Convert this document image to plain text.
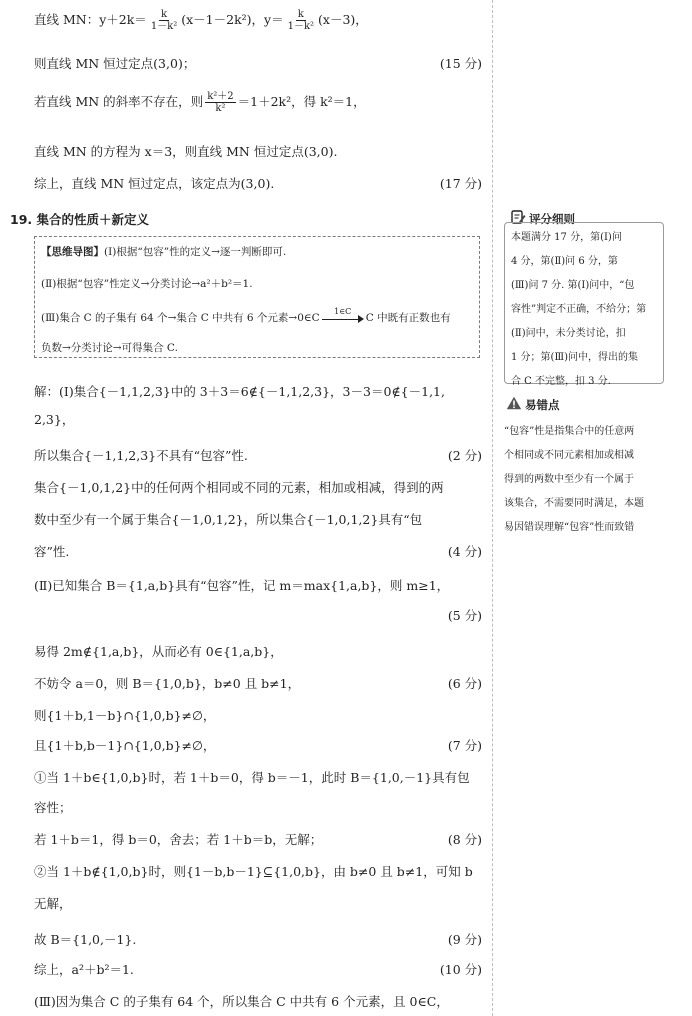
直线 MN：$y+2k= \frac{k}{\text{1－k²}} (x-1-2k^2)$，$y= \frac{k}{\text{1－k²}} (x-3)$，
则直线 MN 恒过定点(3,0)；	(15 分)
若直线 MN 的斜率不存在，则 $\frac{\text{k²＋2}}{\text{k²}} =1+2k^2$，得 k²＝1，
直线 MN 的方程为 x＝3，则直线 MN 恒过定点(3,0).
综上，直线 MN 恒过定点，该定点为(3,0).	(17 分)
19. 集合的性质＋新定义
【思维导图】 (Ⅰ)根据“包容”性的定义→逐一判断即可.
(Ⅱ)根据“包容”性定义→分类讨论→a²＋b²＝1.
(Ⅲ)集合 C 的子集有 64 个→集合 C 中共有 6 个元素→0∈C
1∈C
C 中既有正数也有
负数→分类讨论→可得集合 C.
解：(Ⅰ)集合{－1,1,2,3}中的 3＋3＝6∉{－1,1,2,3}，3－3＝0∉{－1,1,
2,3}，
所以集合{－1,1,2,3}不具有“包容”性.	(2 分)
集合{－1,0,1,2}中的任何两个相同或不同的元素，相加或相减，得到的两
数中至少有一个属于集合{－1,0,1,2}，所以集合{－1,0,1,2}具有“包
容”性.	(4 分)
(Ⅱ)已知集合 B＝{1,a,b}具有“包容”性，记 m＝max{1,a,b}，则 m≥1，
(5 分)
易得 2m∉{1,a,b}，从而必有 0∈{1,a,b}，
不妨令 a＝0，则 B＝{1,0,b}，b≠0 且 b≠1，	(6 分)
则{1＋b,1－b}∩{1,0,b}≠∅，
且{1＋b,b－1}∩{1,0,b}≠∅，	(7 分)
①当 1＋b∈{1,0,b}时，若 1＋b＝0，得 b＝－1，此时 B＝{1,0,－1}具有包
容性；
若 1＋b＝1，得 b＝0，舍去；若 1＋b＝b，无解；	(8 分)
②当 1＋b∉{1,0,b}时，则{1－b,b－1}⊆{1,0,b}，由 b≠0 且 b≠1，可知 b
无解，
故 B＝{1,0,－1}.	(9 分)
综上，a²＋b²＝1.	(10 分)
(Ⅲ)因为集合 C 的子集有 64 个，所以集合 C 中共有 6 个元素，且 0∈C，
评分细则
本题满分 17 分，第(Ⅰ)问
4 分，第(Ⅱ)问 6 分，第
(Ⅲ)问 7 分. 第(Ⅰ)问中，“包
容性”判定不正确，不给分；第
(Ⅱ)问中，未分类讨论，扣
1 分；第(Ⅲ)问中，得出的集
合 C 不完整，扣 3 分.
易错点
“包容”性是指集合中的任意两
个相同或不同元素相加或相减
得到的两数中至少有一个属于
该集合，不需要同时满足，本题
易因错误理解“包容”性而致错
